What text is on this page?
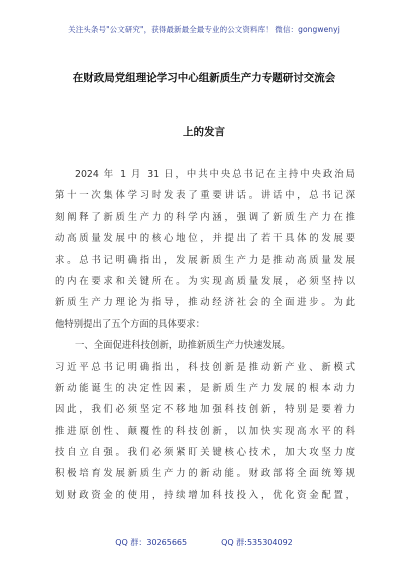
关注头条号"公文研究"，获得最新最全最专业的公文资料库！ 微信：gongwenyj
在财政局党组理论学习中心组新质生产力专题研讨交流会
上的发言
2024 年 1 月 31 日，中共中央总书记在主持中央政治局
第十一次集体学习时发表了重要讲话。讲话中，总书记深
刻阐释了新质生产力的科学内涵，强调了新质生产力在推
动高质量发展中的核心地位，并提出了若干具体的发展要
求。总书记明确指出，发展新质生产力是推动高质量发展
的内在要求和关键所在。为实现高质量发展，必须坚持以
新质生产力理论为指导，推动经济社会的全面进步。为此
他特别提出了五个方面的具体要求：
一、全面促进科技创新，助推新质生产力快速发展。
习近平总书记明确指出，科技创新是推动新产业、新模式
新动能诞生的决定性因素，是新质生产力发展的根本动力
因此，我们必须坚定不移地加强科技创新，特别是要着力
推进原创性、颠覆性的科技创新，以加快实现高水平的科
技自立自强。我们必须紧盯关键核心技术，加大攻坚力度
积极培育发展新质生产力的新动能。财政部将全面统筹规
划财政资金的使用，持续增加科技投入，优化资金配置，
QQ 群：30265665	QQ 群:535304092
